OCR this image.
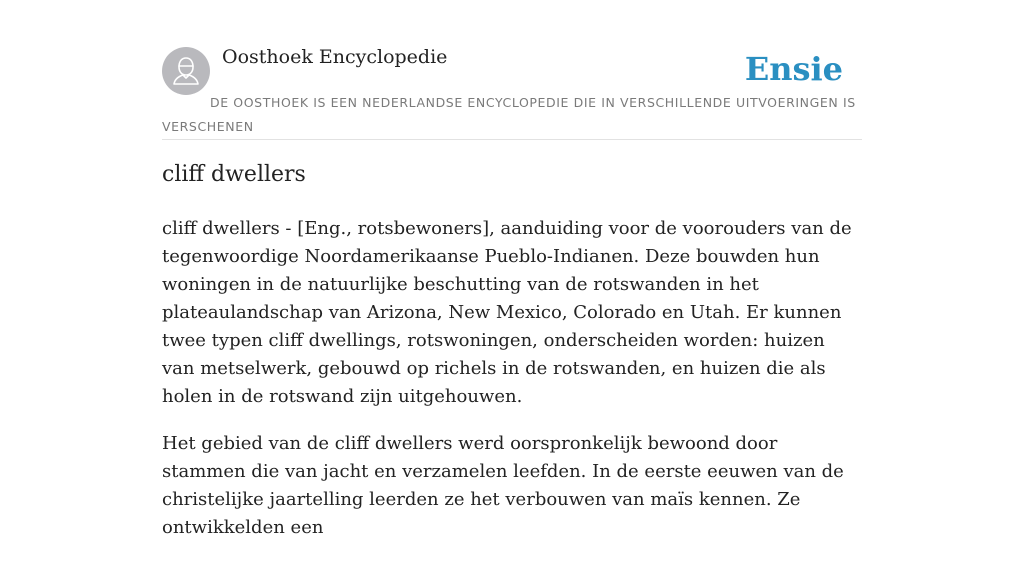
Oosthoek Encyclopedie	Ensie
DE OOSTHOEK IS EEN NEDERLANDSE ENCYCLOPEDIE DIE IN VERSCHILLENDE UITVOERINGEN IS VERSCHENEN
cliff dwellers

cliff dwellers - [Eng., rotsbewoners], aanduiding voor de voorouders van de tegenwoordige Noordamerikaanse Pueblo-Indianen. Deze bouwden hun woningen in de natuurlijke beschutting van de rotswanden in het plateaulandschap van Arizona, New Mexico, Colorado en Utah. Er kunnen twee typen cliff dwellings, rotswoningen, onderscheiden worden: huizen van metselwerk, gebouwd op richels in de rotswanden, en huizen die als holen in de rotswand zijn uitgehouwen.

Het gebied van de cliff dwellers werd oorspronkelijk bewoond door stammen die van jacht en verzamelen leefden. In de eerste eeuwen van de christelijke jaartelling leerden ze het verbouwen van maïs kennen. Ze ontwikkelden een
